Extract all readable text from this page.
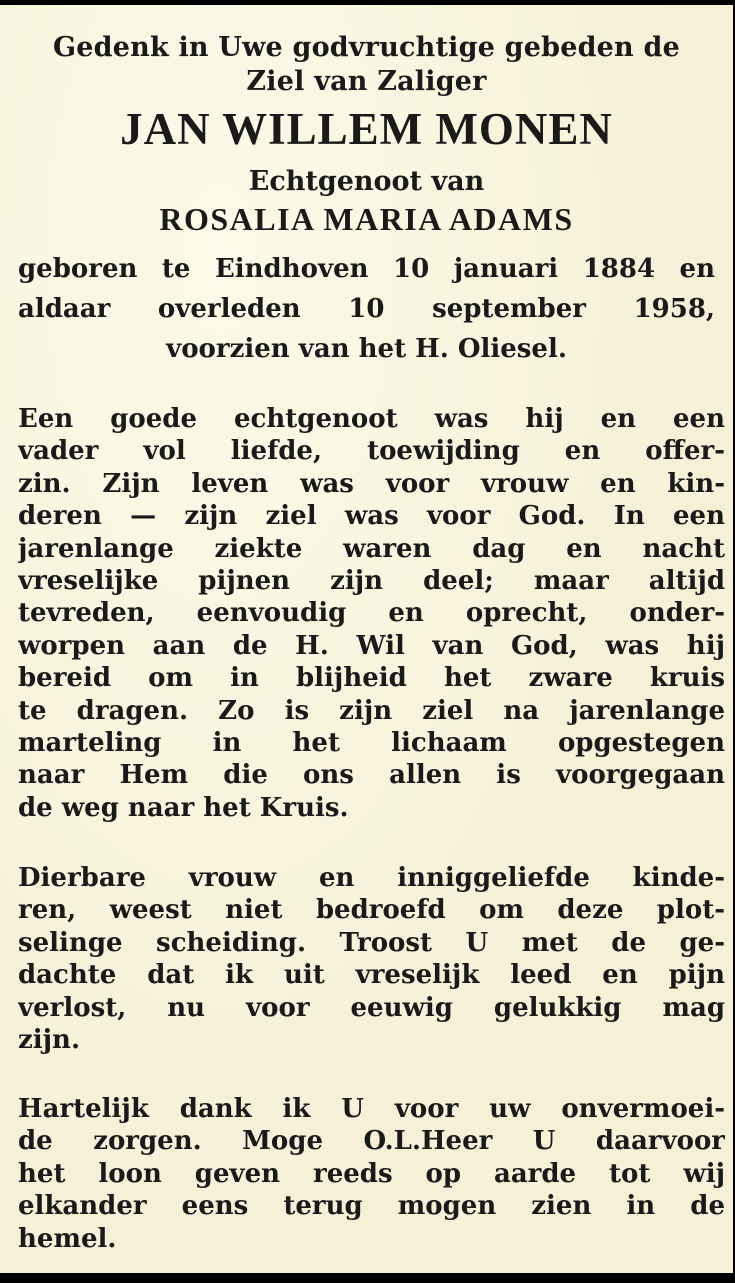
Gedenk in Uwe godvruchtige gebeden de
Ziel van Zaliger
JAN WILLEM MONEN
Echtgenoot van
ROSALIA MARIA ADAMS
geboren te Eindhoven 10 januari 1884 en
aldaar overleden 10 september 1958,
voorzien van het H. Oliesel.
Een goede echtgenoot was hij en een
vader vol liefde, toewijding en offer-
zin. Zijn leven was voor vrouw en kin-
deren — zijn ziel was voor God. In een
jarenlange ziekte waren dag en nacht
vreselijke pijnen zijn deel; maar altijd
tevreden, eenvoudig en oprecht, onder-
worpen aan de H. Wil van God, was hij
bereid om in blijheid het zware kruis
te dragen. Zo is zijn ziel na jarenlange
marteling in het lichaam opgestegen
naar Hem die ons allen is voorgegaan
de weg naar het Kruis.
Dierbare vrouw en inniggeliefde kinde-
ren, weest niet bedroefd om deze plot-
selinge scheiding. Troost U met de ge-
dachte dat ik uit vreselijk leed en pijn
verlost, nu voor eeuwig gelukkig mag
zijn.
Hartelijk dank ik U voor uw onvermoei-
de zorgen. Moge O.L.Heer U daarvoor
het loon geven reeds op aarde tot wij
elkander eens terug mogen zien in de
hemel.
